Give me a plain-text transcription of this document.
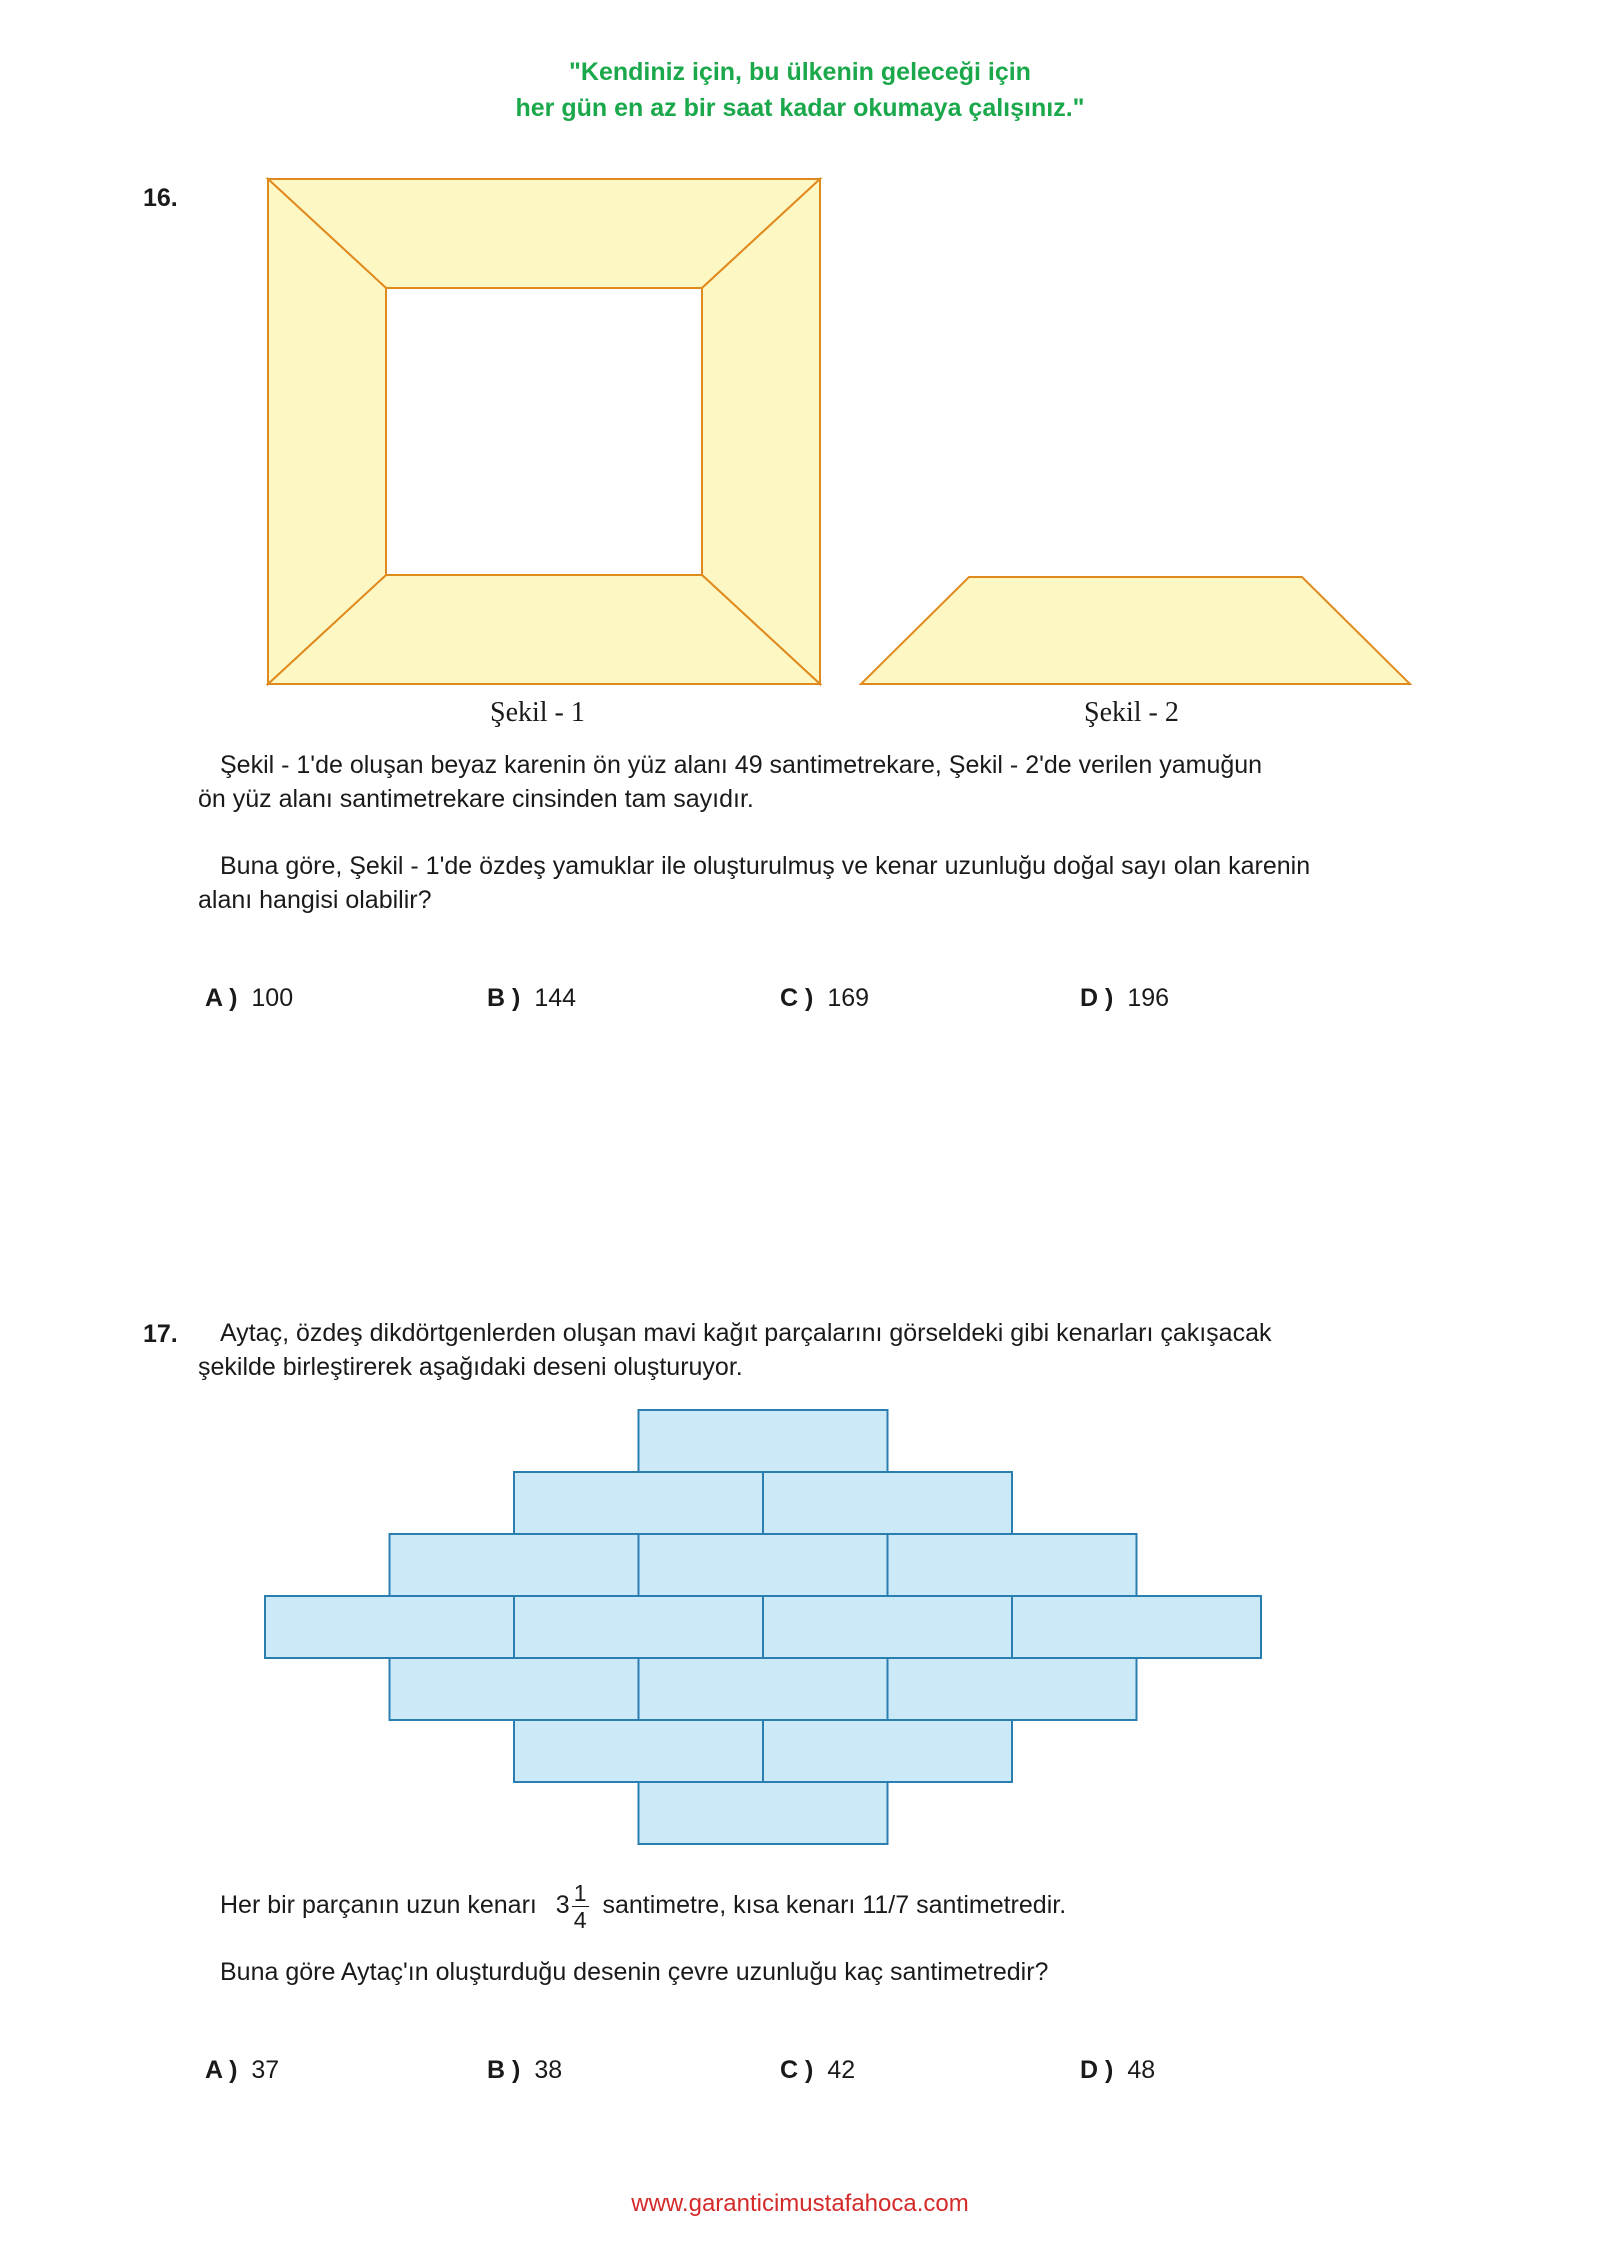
"Kendiniz için, bu ülkenin geleceği için
her gün en az bir saat kadar okumaya çalışınız."
16.
Şekil - 1	Şekil - 2
Şekil - 1'de oluşan beyaz karenin ön yüz alanı 49 santimetrekare, Şekil - 2'de verilen yamuğun
ön yüz alanı santimetrekare cinsinden tam sayıdır.
Buna göre, Şekil - 1'de özdeş yamuklar ile oluşturulmuş ve kenar uzunluğu doğal sayı olan karenin
alanı hangisi olabilir?
A ) 100	B ) 144	C ) 169	D ) 196
17. Aytaç, özdeş dikdörtgenlerden oluşan mavi kağıt parçalarını görseldeki gibi kenarları çakışacak
şekilde birleştirerek aşağıdaki deseni oluşturuyor.
Her bir parçanın uzun kenarı $3 \frac{1}{4}$ santimetre, kısa kenarı 11/7 santimetredir.
Buna göre Aytaç'ın oluşturduğu desenin çevre uzunluğu kaç santimetredir?
A ) 37	B ) 38	C ) 42	D ) 48
www.garanticimustafahoca.com
